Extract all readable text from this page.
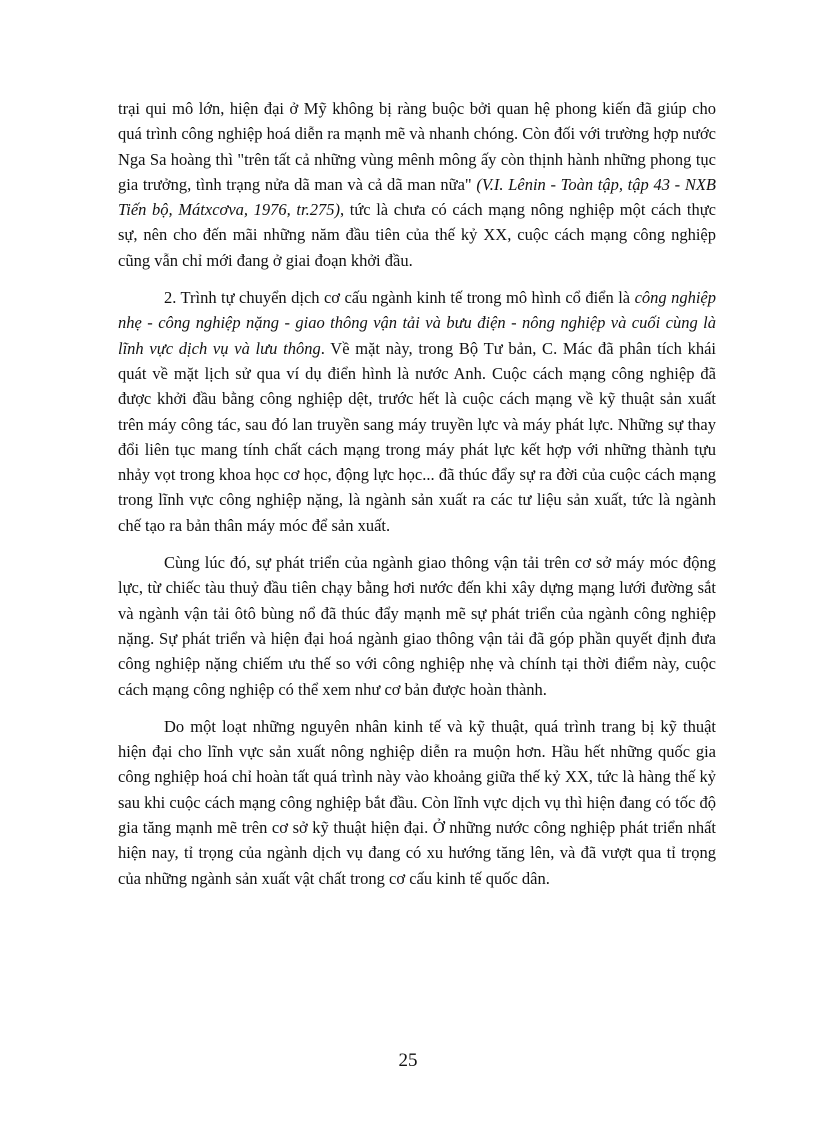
trại qui mô lớn, hiện đại ở Mỹ không bị ràng buộc bởi quan hệ phong kiến đã giúp cho quá trình công nghiệp hoá diễn ra mạnh mẽ và nhanh chóng. Còn đối với trường hợp nước Nga Sa hoàng thì "trên tất cả những vùng mênh mông ấy còn thịnh hành những phong tục gia trưởng, tình trạng nửa dã man và cả dã man nữa" (V.I. Lênin - Toàn tập, tập 43 - NXB Tiến bộ, Mátxcơva, 1976, tr.275), tức là chưa có cách mạng nông nghiệp một cách thực sự, nên cho đến mãi những năm đầu tiên của thế kỷ XX, cuộc cách mạng công nghiệp cũng vẫn chỉ mới đang ở giai đoạn khởi đầu.

2. Trình tự chuyển dịch cơ cấu ngành kinh tế trong mô hình cổ điển là công nghiệp nhẹ - công nghiệp nặng - giao thông vận tải và bưu điện - nông nghiệp và cuối cùng là lĩnh vực dịch vụ và lưu thông. Về mặt này, trong Bộ Tư bản, C. Mác đã phân tích khái quát về mặt lịch sử qua ví dụ điển hình là nước Anh. Cuộc cách mạng công nghiệp đã được khởi đầu bằng công nghiệp dệt, trước hết là cuộc cách mạng về kỹ thuật sản xuất trên máy công tác, sau đó lan truyền sang máy truyền lực và máy phát lực. Những sự thay đổi liên tục mang tính chất cách mạng trong máy phát lực kết hợp với những thành tựu nhảy vọt trong khoa học cơ học, động lực học... đã thúc đẩy sự ra đời của cuộc cách mạng trong lĩnh vực công nghiệp nặng, là ngành sản xuất ra các tư liệu sản xuất, tức là ngành chế tạo ra bản thân máy móc để sản xuất.

Cùng lúc đó, sự phát triển của ngành giao thông vận tải trên cơ sở máy móc động lực, từ chiếc tàu thuỷ đầu tiên chạy bằng hơi nước đến khi xây dựng mạng lưới đường sắt và ngành vận tải ôtô bùng nổ đã thúc đẩy mạnh mẽ sự phát triển của ngành công nghiệp nặng. Sự phát triển và hiện đại hoá ngành giao thông vận tải đã góp phần quyết định đưa công nghiệp nặng chiếm ưu thế so với công nghiệp nhẹ và chính tại thời điểm này, cuộc cách mạng công nghiệp có thể xem như cơ bản được hoàn thành.

Do một loạt những nguyên nhân kinh tế và kỹ thuật, quá trình trang bị kỹ thuật hiện đại cho lĩnh vực sản xuất nông nghiệp diễn ra muộn hơn. Hầu hết những quốc gia công nghiệp hoá chỉ hoàn tất quá trình này vào khoảng giữa thế kỷ XX, tức là hàng thế kỷ sau khi cuộc cách mạng công nghiệp bắt đầu. Còn lĩnh vực dịch vụ thì hiện đang có tốc độ gia tăng mạnh mẽ trên cơ sở kỹ thuật hiện đại. Ở những nước công nghiệp phát triển nhất hiện nay, tỉ trọng của ngành dịch vụ đang có xu hướng tăng lên, và đã vượt qua tỉ trọng của những ngành sản xuất vật chất trong cơ cấu kinh tế quốc dân.

25
